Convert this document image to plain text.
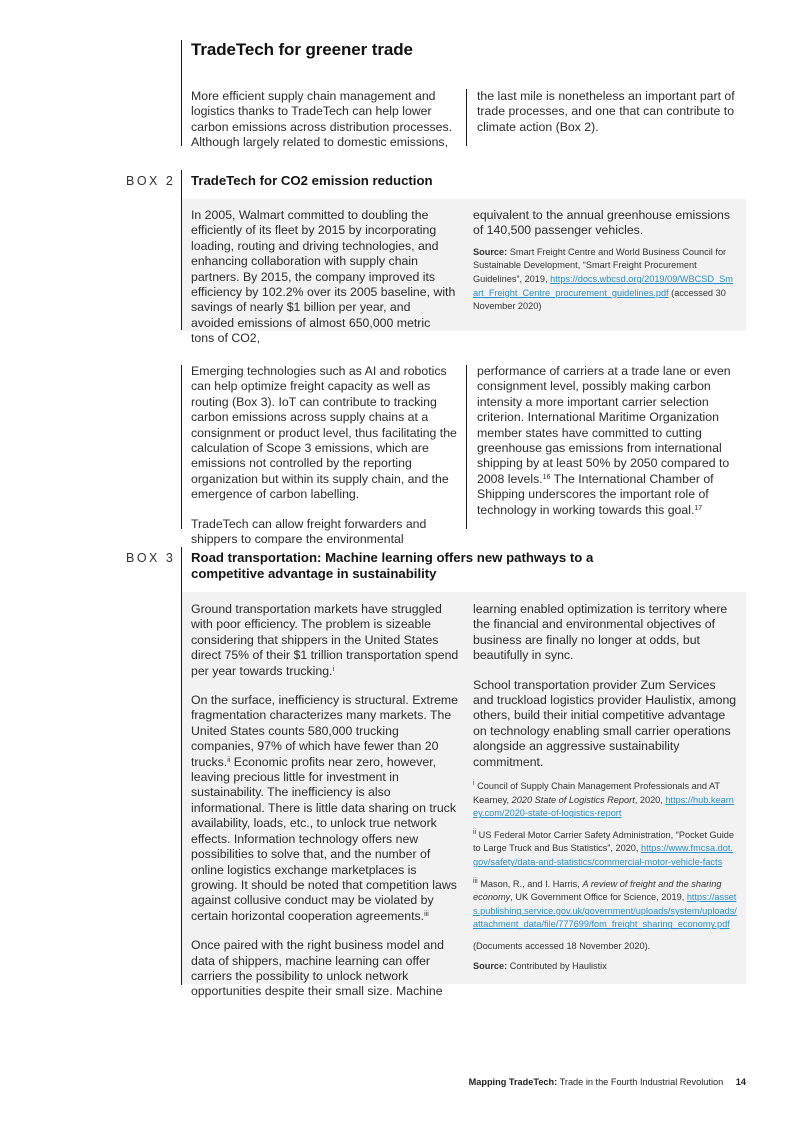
TradeTech for greener trade

More efficient supply chain management and logistics thanks to TradeTech can help lower carbon emissions across distribution processes. Although largely related to domestic emissions,

the last mile is nonetheless an important part of trade processes, and one that can contribute to climate action (Box 2).

BOX 2 TradeTech for CO2 emission reduction

In 2005, Walmart committed to doubling the efficiently of its fleet by 2015 by incorporating loading, routing and driving technologies, and enhancing collaboration with supply chain partners. By 2015, the company improved its efficiency by 102.2% over its 2005 baseline, with savings of nearly $1 billion per year, and avoided emissions of almost 650,000 metric tons of CO2,

equivalent to the annual greenhouse emissions of 140,500 passenger vehicles.

Source: Smart Freight Centre and World Business Council for Sustainable Development, “Smart Freight Procurement Guidelines”, 2019, https://docs.wbcsd.org/2019/09/WBCSD_Smart_Freight_Centre_procurement_guidelines.pdf (accessed 30 November 2020)

Emerging technologies such as AI and robotics can help optimize freight capacity as well as routing (Box 3). IoT can contribute to tracking carbon emissions across supply chains at a consignment or product level, thus facilitating the calculation of Scope 3 emissions, which are emissions not controlled by the reporting organization but within its supply chain, and the emergence of carbon labelling.

TradeTech can allow freight forwarders and shippers to compare the environmental

performance of carriers at a trade lane or even consignment level, possibly making carbon intensity a more important carrier selection criterion. International Maritime Organization member states have committed to cutting greenhouse gas emissions from international shipping by at least 50% by 2050 compared to 2008 levels.$^{16}$ The International Chamber of Shipping underscores the important role of technology in working towards this goal.$^{17}$

BOX 3 Road transportation: Machine learning offers new pathways to a competitive advantage in sustainability

Ground transportation markets have struggled with poor efficiency. The problem is sizeable considering that shippers in the United States direct 75% of their $1 trillion transportation spend per year towards trucking.$^i$

On the surface, inefficiency is structural. Extreme fragmentation characterizes many markets. The United States counts 580,000 trucking companies, 97% of which have fewer than 20 trucks.$^{ii}$ Economic profits near zero, however, leaving precious little for investment in sustainability. The inefficiency is also informational. There is little data sharing on truck availability, loads, etc., to unlock true network effects. Information technology offers new possibilities to solve that, and the number of online logistics exchange marketplaces is growing. It should be noted that competition laws against collusive conduct may be violated by certain horizontal cooperation agreements.$^{iii}$

Once paired with the right business model and data of shippers, machine learning can offer carriers the possibility to unlock network opportunities despite their small size. Machine

learning enabled optimization is territory where the financial and environmental objectives of business are finally no longer at odds, but beautifully in sync.

School transportation provider Zum Services and truckload logistics provider Haulistix, among others, build their initial competitive advantage on technology enabling small carrier operations alongside an aggressive sustainability commitment.

$^i$ Council of Supply Chain Management Professionals and AT Kearney, 2020 State of Logistics Report, 2020, https://hub.kearney.com/2020-state-of-logistics-report

$^{ii}$ US Federal Motor Carrier Safety Administration, “Pocket Guide to Large Truck and Bus Statistics”, 2020, https://www.fmcsa.dot.gov/safety/data-and-statistics/commercial-motor-vehicle-facts

$^{iii}$ Mason, R., and I. Harris, A review of freight and the sharing economy, UK Government Office for Science, 2019, https://assets.publishing.service.gov.uk/government/uploads/system/uploads/attachment_data/file/777699/fom_freight_sharing_economy.pdf

(Documents accessed 18 November 2020).

Source: Contributed by Haulistix

Mapping TradeTech: Trade in the Fourth Industrial Revolution 14
